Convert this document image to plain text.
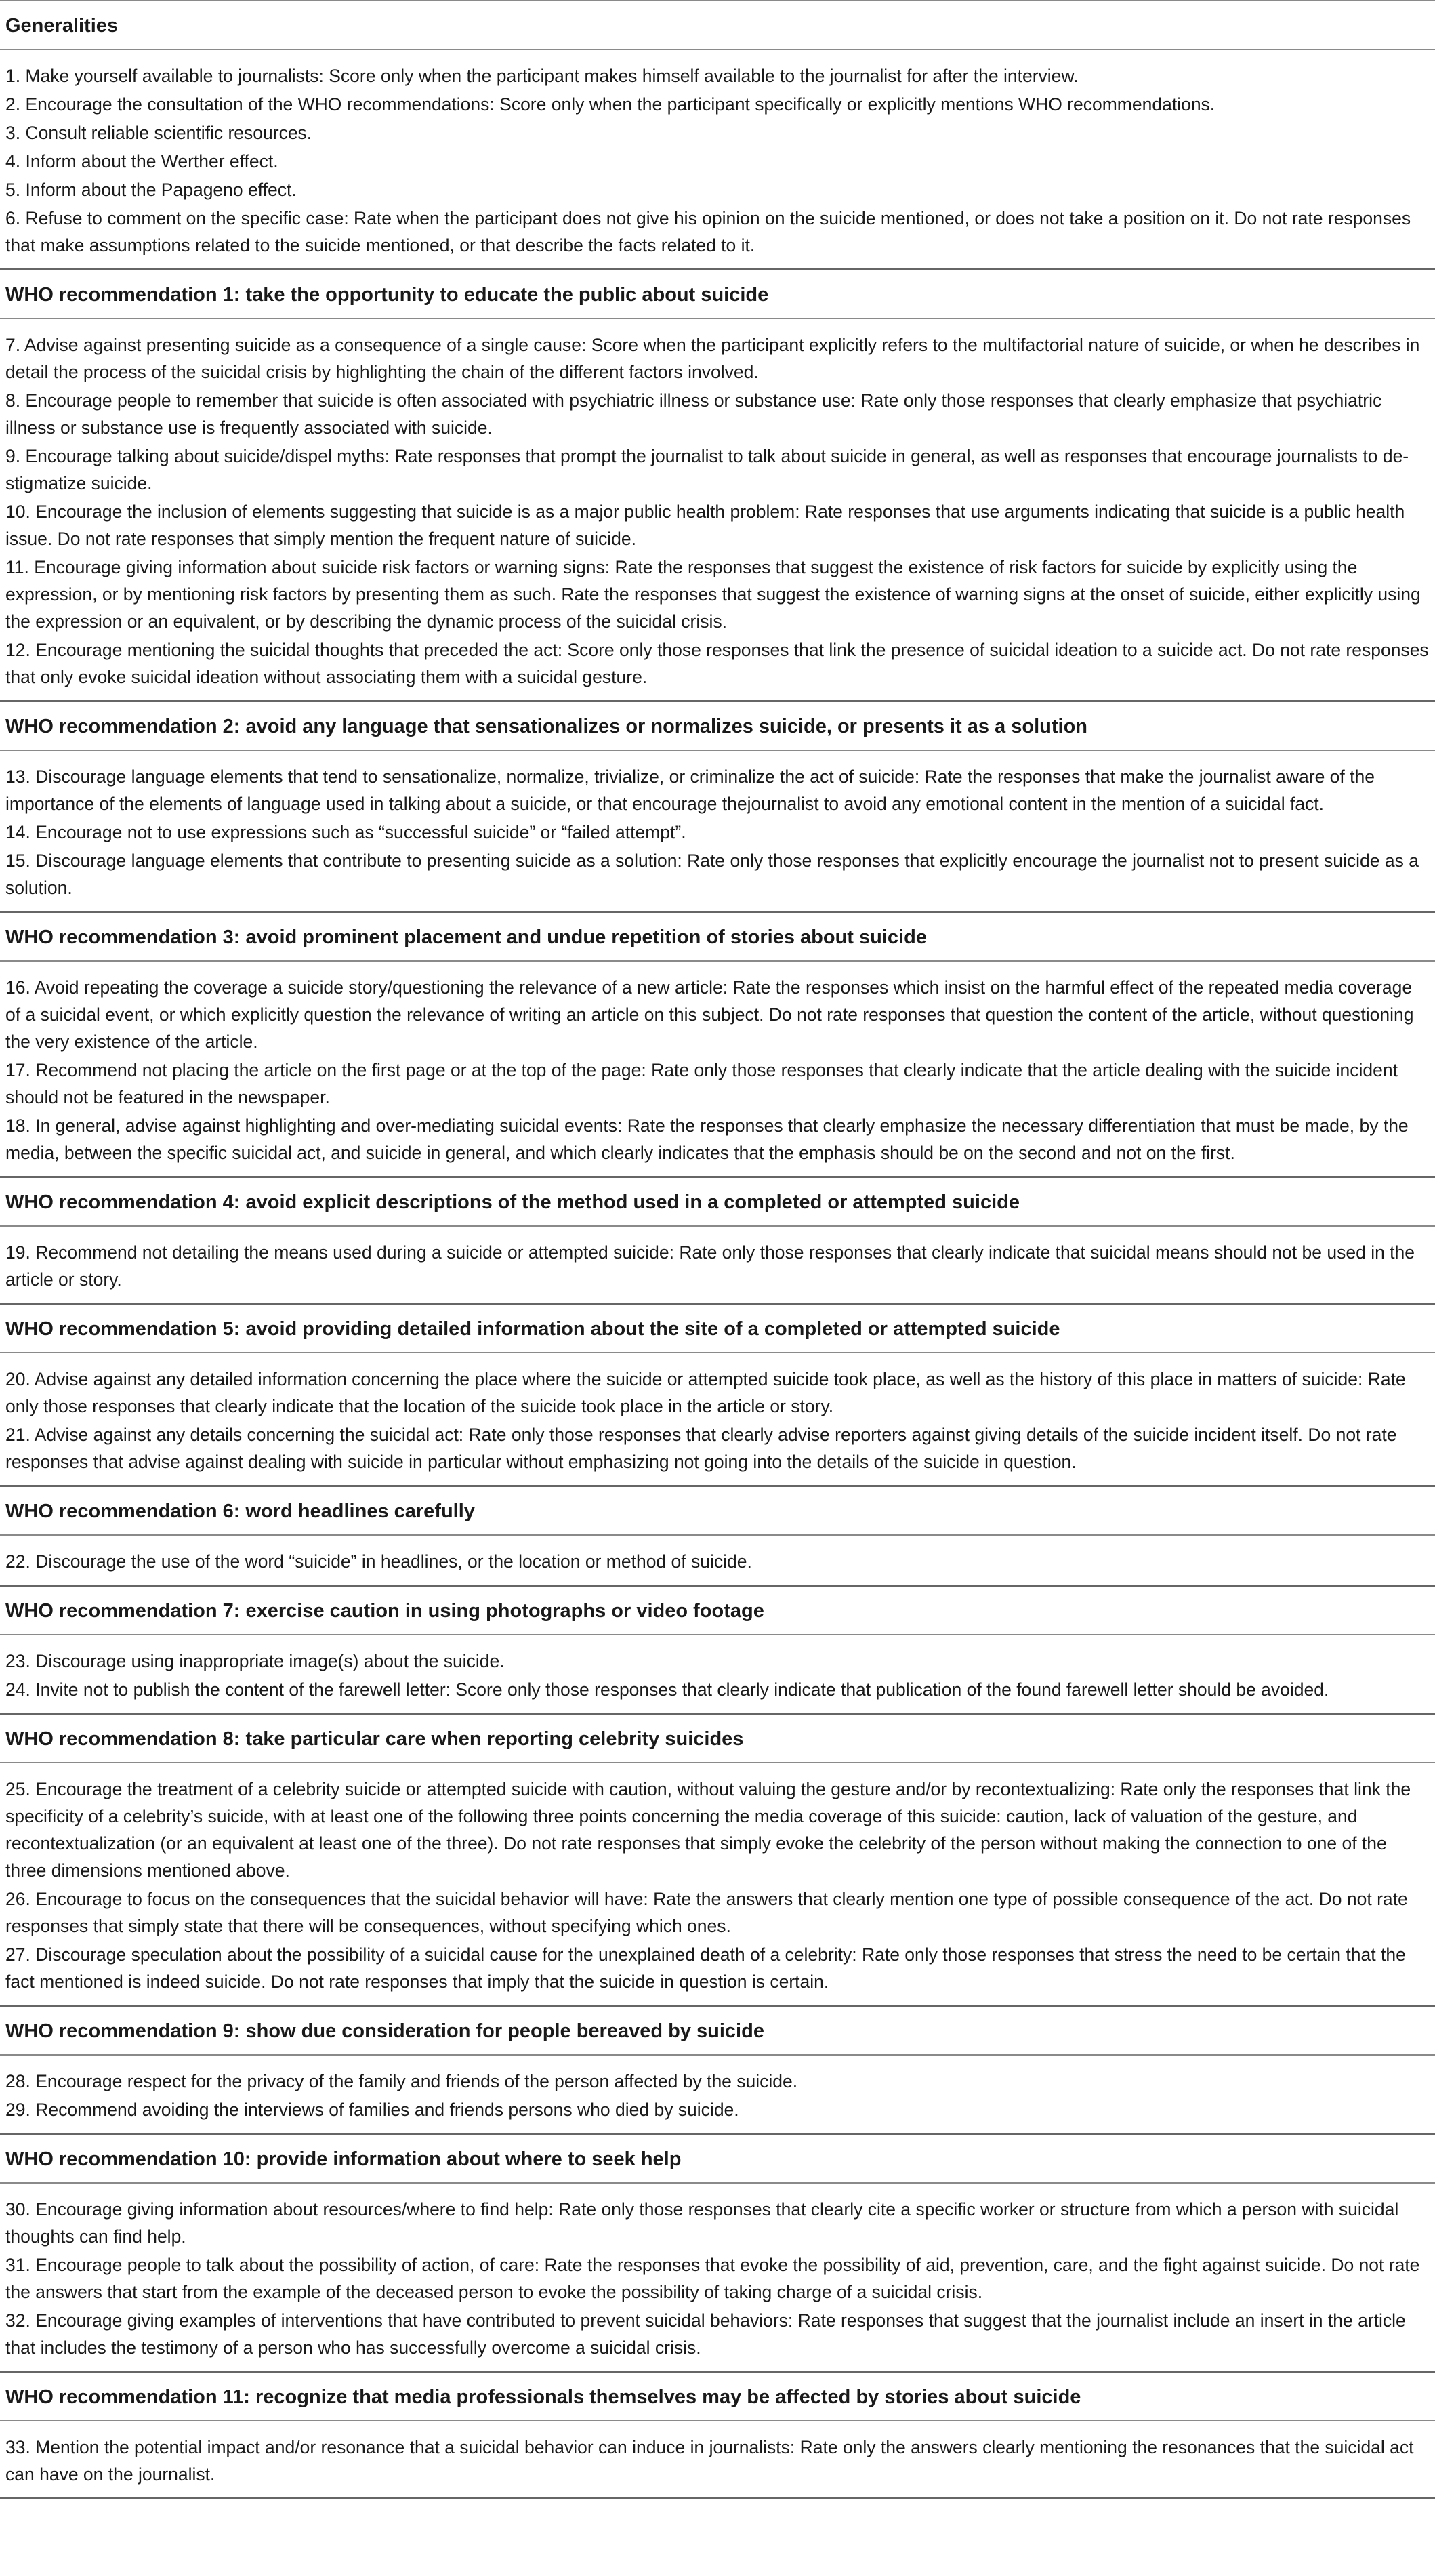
Generalities
1. Make yourself available to journalists: Score only when the participant makes himself available to the journalist for after the interview.
2. Encourage the consultation of the WHO recommendations: Score only when the participant specifically or explicitly mentions WHO recommendations.
3. Consult reliable scientific resources.
4. Inform about the Werther effect.
5. Inform about the Papageno effect.
6. Refuse to comment on the specific case: Rate when the participant does not give his opinion on the suicide mentioned, or does not take a position on it. Do not rate responses that make assumptions related to the suicide mentioned, or that describe the facts related to it.
WHO recommendation 1: take the opportunity to educate the public about suicide
7. Advise against presenting suicide as a consequence of a single cause: Score when the participant explicitly refers to the multifactorial nature of suicide, or when he describes in detail the process of the suicidal crisis by highlighting the chain of the different factors involved.
8. Encourage people to remember that suicide is often associated with psychiatric illness or substance use: Rate only those responses that clearly emphasize that psychiatric illness or substance use is frequently associated with suicide.
9. Encourage talking about suicide/dispel myths: Rate responses that prompt the journalist to talk about suicide in general, as well as responses that encourage journalists to de-stigmatize suicide.
10. Encourage the inclusion of elements suggesting that suicide is as a major public health problem: Rate responses that use arguments indicating that suicide is a public health issue. Do not rate responses that simply mention the frequent nature of suicide.
11. Encourage giving information about suicide risk factors or warning signs: Rate the responses that suggest the existence of risk factors for suicide by explicitly using the expression, or by mentioning risk factors by presenting them as such. Rate the responses that suggest the existence of warning signs at the onset of suicide, either explicitly using the expression or an equivalent, or by describing the dynamic process of the suicidal crisis.
12. Encourage mentioning the suicidal thoughts that preceded the act: Score only those responses that link the presence of suicidal ideation to a suicide act. Do not rate responses that only evoke suicidal ideation without associating them with a suicidal gesture.
WHO recommendation 2: avoid any language that sensationalizes or normalizes suicide, or presents it as a solution
13. Discourage language elements that tend to sensationalize, normalize, trivialize, or criminalize the act of suicide: Rate the responses that make the journalist aware of the importance of the elements of language used in talking about a suicide, or that encourage thejournalist to avoid any emotional content in the mention of a suicidal fact.
14. Encourage not to use expressions such as “successful suicide” or “failed attempt”.
15. Discourage language elements that contribute to presenting suicide as a solution: Rate only those responses that explicitly encourage the journalist not to present suicide as a solution.
WHO recommendation 3: avoid prominent placement and undue repetition of stories about suicide
16. Avoid repeating the coverage a suicide story/questioning the relevance of a new article: Rate the responses which insist on the harmful effect of the repeated media coverage of a suicidal event, or which explicitly question the relevance of writing an article on this subject. Do not rate responses that question the content of the article, without questioning the very existence of the article.
17. Recommend not placing the article on the first page or at the top of the page: Rate only those responses that clearly indicate that the article dealing with the suicide incident should not be featured in the newspaper.
18. In general, advise against highlighting and over-mediating suicidal events: Rate the responses that clearly emphasize the necessary differentiation that must be made, by the media, between the specific suicidal act, and suicide in general, and which clearly indicates that the emphasis should be on the second and not on the first.
WHO recommendation 4: avoid explicit descriptions of the method used in a completed or attempted suicide
19. Recommend not detailing the means used during a suicide or attempted suicide: Rate only those responses that clearly indicate that suicidal means should not be used in the article or story.
WHO recommendation 5: avoid providing detailed information about the site of a completed or attempted suicide
20. Advise against any detailed information concerning the place where the suicide or attempted suicide took place, as well as the history of this place in matters of suicide: Rate only those responses that clearly indicate that the location of the suicide took place in the article or story.
21. Advise against any details concerning the suicidal act: Rate only those responses that clearly advise reporters against giving details of the suicide incident itself. Do not rate responses that advise against dealing with suicide in particular without emphasizing not going into the details of the suicide in question.
WHO recommendation 6: word headlines carefully
22. Discourage the use of the word “suicide” in headlines, or the location or method of suicide.
WHO recommendation 7: exercise caution in using photographs or video footage
23. Discourage using inappropriate image(s) about the suicide.
24. Invite not to publish the content of the farewell letter: Score only those responses that clearly indicate that publication of the found farewell letter should be avoided.
WHO recommendation 8: take particular care when reporting celebrity suicides
25. Encourage the treatment of a celebrity suicide or attempted suicide with caution, without valuing the gesture and/or by recontextualizing: Rate only the responses that link the specificity of a celebrity’s suicide, with at least one of the following three points concerning the media coverage of this suicide: caution, lack of valuation of the gesture, and recontextualization (or an equivalent at least one of the three). Do not rate responses that simply evoke the celebrity of the person without making the connection to one of the three dimensions mentioned above.
26. Encourage to focus on the consequences that the suicidal behavior will have: Rate the answers that clearly mention one type of possible consequence of the act. Do not rate responses that simply state that there will be consequences, without specifying which ones.
27. Discourage speculation about the possibility of a suicidal cause for the unexplained death of a celebrity: Rate only those responses that stress the need to be certain that the fact mentioned is indeed suicide. Do not rate responses that imply that the suicide in question is certain.
WHO recommendation 9: show due consideration for people bereaved by suicide
28. Encourage respect for the privacy of the family and friends of the person affected by the suicide.
29. Recommend avoiding the interviews of families and friends persons who died by suicide.
WHO recommendation 10: provide information about where to seek help
30. Encourage giving information about resources/where to find help: Rate only those responses that clearly cite a specific worker or structure from which a person with suicidal thoughts can find help.
31. Encourage people to talk about the possibility of action, of care: Rate the responses that evoke the possibility of aid, prevention, care, and the fight against suicide. Do not rate the answers that start from the example of the deceased person to evoke the possibility of taking charge of a suicidal crisis.
32. Encourage giving examples of interventions that have contributed to prevent suicidal behaviors: Rate responses that suggest that the journalist include an insert in the article that includes the testimony of a person who has successfully overcome a suicidal crisis.
WHO recommendation 11: recognize that media professionals themselves may be affected by stories about suicide
33. Mention the potential impact and/or resonance that a suicidal behavior can induce in journalists: Rate only the answers clearly mentioning the resonances that the suicidal act can have on the journalist.
